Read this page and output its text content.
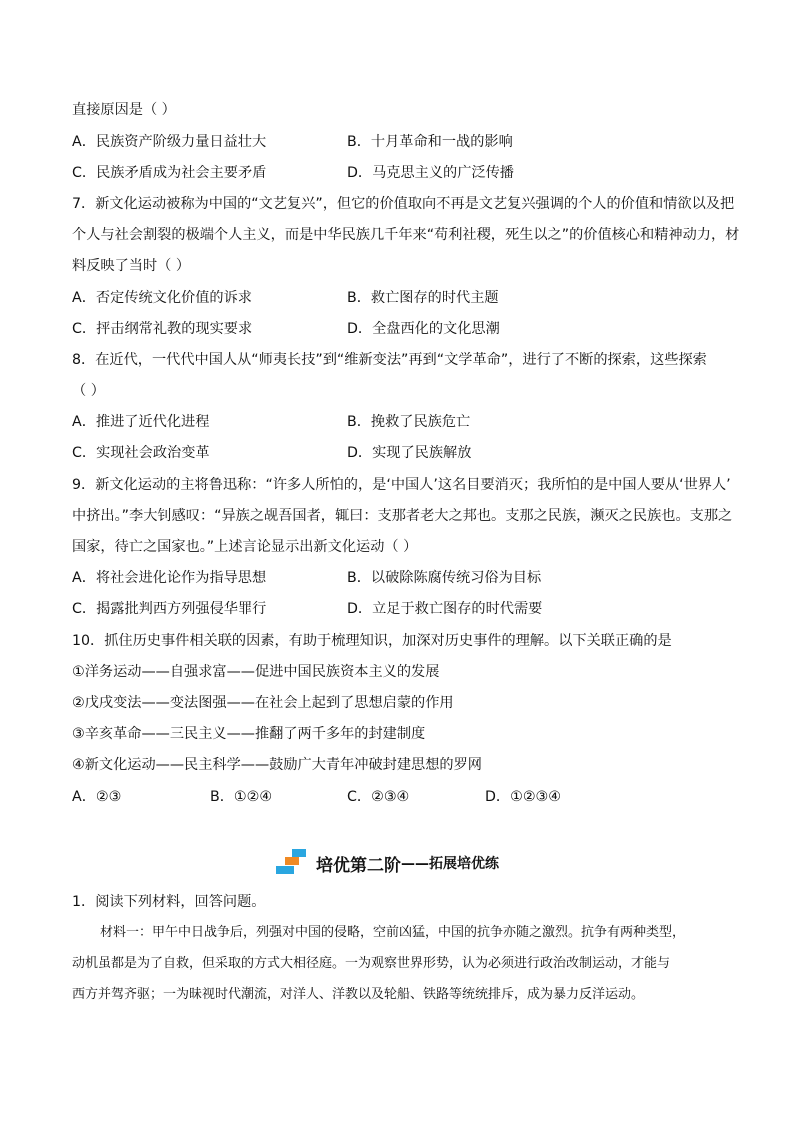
直接原因是（ ）
A．民族资产阶级力量日益壮大	B．十月革命和一战的影响
C．民族矛盾成为社会主要矛盾	D．马克思主义的广泛传播
7．新文化运动被称为中国的“文艺复兴”，但它的价值取向不再是文艺复兴强调的个人的价值和情欲以及把
个人与社会割裂的极端个人主义，而是中华民族几千年来“苟利社稷，死生以之”的价值核心和精神动力，材
料反映了当时（ ）
A．否定传统文化价值的诉求	B．救亡图存的时代主题
C．抨击纲常礼教的现实要求	D．全盘西化的文化思潮
8．在近代，一代代中国人从“师夷长技”到“维新变法”再到“文学革命”，进行了不断的探索，这些探索
（ ）
A．推进了近代化进程	B．挽救了民族危亡
C．实现社会政治变革	D．实现了民族解放
9．新文化运动的主将鲁迅称：“许多人所怕的，是‘中国人’这名目要消灭；我所怕的是中国人要从‘世界人’
中挤出。”李大钊感叹：“异族之觇吾国者，辄曰：支那者老大之邦也。支那之民族，濒灭之民族也。支那之
国家，待亡之国家也。”上述言论显示出新文化运动（ ）
A．将社会进化论作为指导思想	B．以破除陈腐传统习俗为目标
C．揭露批判西方列强侵华罪行	D．立足于救亡图存的时代需要
10．抓住历史事件相关联的因素，有助于梳理知识，加深对历史事件的理解。以下关联正确的是
①洋务运动——自强求富——促进中国民族资本主义的发展
②戊戌变法——变法图强——在社会上起到了思想启蒙的作用
③辛亥革命——三民主义——推翻了两千多年的封建制度
④新文化运动——民主科学——鼓励广大青年冲破封建思想的罗网
A．②③	B．①②④	C．②③④	D．①②③④
培优第二阶 ——拓展培优练
1．阅读下列材料，回答问题。
材料一：甲午中日战争后，列强对中国的侵略，空前凶猛，中国的抗争亦随之激烈。抗争有两种类型，
动机虽都是为了自救，但采取的方式大相径庭。一为观察世界形势，认为必须进行政治改制运动，才能与
西方并驾齐驱；一为昧视时代潮流，对洋人、洋教以及轮船、铁路等统统排斥，成为暴力反洋运动。
